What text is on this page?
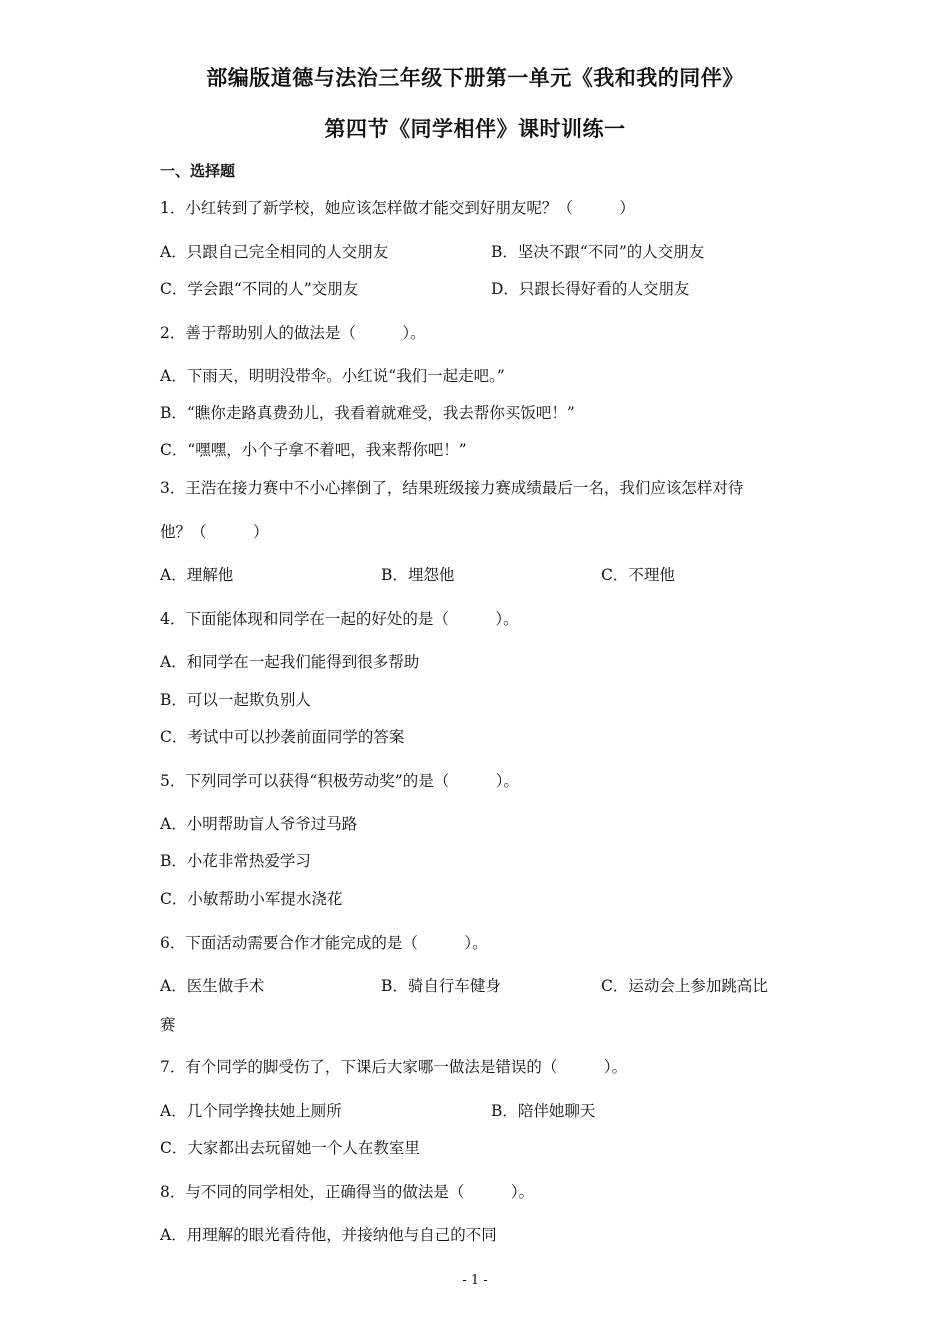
部编版道德与法治三年级下册第一单元《我和我的同伴》
第四节《同学相伴》课时训练一
一、选择题
1．小红转到了新学校，她应该怎样做才能交到好朋友呢？（　　　）
A．只跟自己完全相同的人交朋友	B．坚决不跟“不同”的人交朋友
C．学会跟“不同的人”交朋友	D．只跟长得好看的人交朋友
2．善于帮助别人的做法是（　　　）。
A．下雨天，明明没带伞。小红说“我们一起走吧。”
B．“瞧你走路真费劲儿，我看着就难受，我去帮你买饭吧！”
C．“嘿嘿，小个子拿不着吧，我来帮你吧！”
3．王浩在接力赛中不小心摔倒了，结果班级接力赛成绩最后一名，我们应该怎样对待
他？（　　　）
A．理解他	B．埋怨他	C．不理他
4．下面能体现和同学在一起的好处的是（　　　）。
A．和同学在一起我们能得到很多帮助
B．可以一起欺负别人
C．考试中可以抄袭前面同学的答案
5．下列同学可以获得“积极劳动奖”的是（　　　）。
A．小明帮助盲人爷爷过马路
B．小花非常热爱学习
C．小敏帮助小军提水浇花
6．下面活动需要合作才能完成的是（　　　）。
A．医生做手术	B．骑自行车健身	C．运动会上参加跳高比
赛
7．有个同学的脚受伤了，下课后大家哪一做法是错误的（　　　）。
A．几个同学搀扶她上厕所	B．陪伴她聊天
C．大家都出去玩留她一个人在教室里
8．与不同的同学相处，正确得当的做法是（　　　）。
A．用理解的眼光看待他，并接纳他与自己的不同
- 1 -
